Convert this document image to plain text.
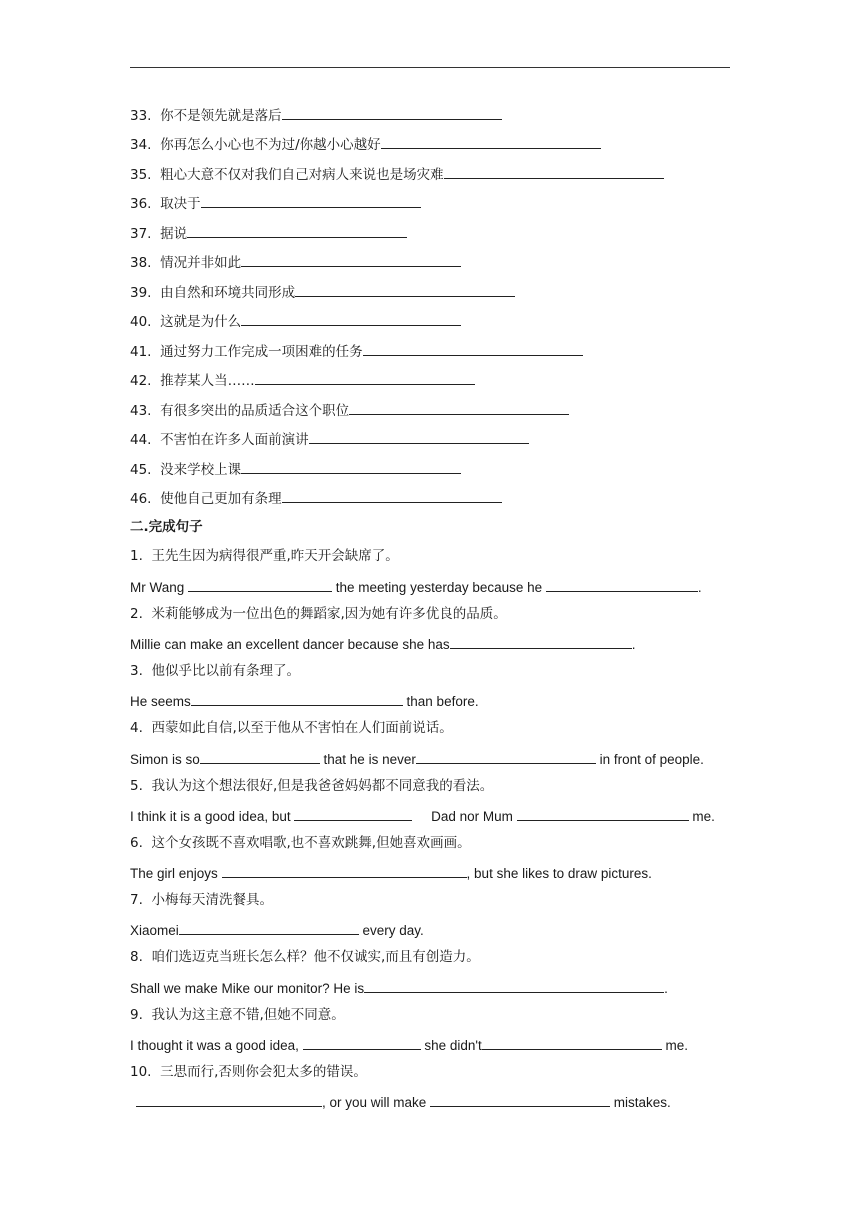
33. 你不是领先就是落后
34. 你再怎么小心也不为过/你越小心越好
35. 粗心大意不仅对我们自己对病人来说也是场灾难
36. 取决于
37. 据说
38. 情况并非如此
39. 由自然和环境共同形成
40. 这就是为什么
41. 通过努力工作完成一项困难的任务
42. 推荐某人当……
43. 有很多突出的品质适合这个职位
44. 不害怕在许多人面前演讲
45. 没来学校上课
46. 使他自己更加有条理
二.完成句子
1. 王先生因为病得很严重,昨天开会缺席了。
Mr Wang	the meeting yesterday because he	.
2. 米莉能够成为一位出色的舞蹈家,因为她有许多优良的品质。
Millie can make an excellent dancer because she has	.
3. 他似乎比以前有条理了。
He seems	than before.
4. 西蒙如此自信,以至于他从不害怕在人们面前说话。
Simon is so	that he is never	in front of people.
5. 我认为这个想法很好,但是我爸爸妈妈都不同意我的看法。
I think it is a good idea, but	Dad nor Mum	me.
6. 这个女孩既不喜欢唱歌,也不喜欢跳舞,但她喜欢画画。
The girl enjoys	, but she likes to draw pictures.
7. 小梅每天清洗餐具。
Xiaomei	every day.
8. 咱们选迈克当班长怎么样？他不仅诚实,而且有创造力。
Shall we make Mike our monitor? He is	.
9. 我认为这主意不错,但她不同意。
I thought it was a good idea,	she didn't	me.
10. 三思而行,否则你会犯太多的错误。
, or you will make	mistakes.
